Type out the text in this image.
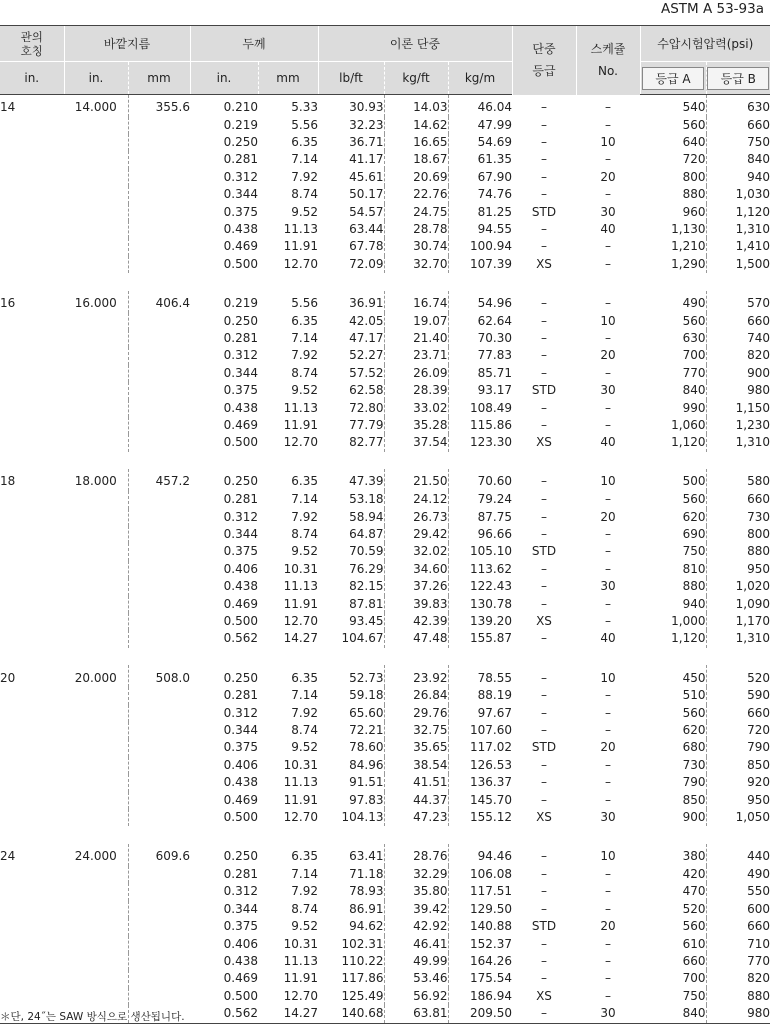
ASTM A 53-93a
관의 호칭	바깥지름		두께		이론 단중			단중 등급	스케쥴 No.	수압시험압력(psi)	
in.	in.	mm	in.	mm	lb/ft	kg/ft	kg/m			등급 A	등급 B
14	14.000	355.6	0.210	5.33	30.93	14.03	46.04	–	–	540	630
			0.219	5.56	32.23	14.62	47.99	–	–	560	660
			0.250	6.35	36.71	16.65	54.69	–	10	640	750
			0.281	7.14	41.17	18.67	61.35	–	–	720	840
			0.312	7.92	45.61	20.69	67.90	–	20	800	940
			0.344	8.74	50.17	22.76	74.76	–	–	880	1,030
			0.375	9.52	54.57	24.75	81.25	STD	30	960	1,120
			0.438	11.13	63.44	28.78	94.55	–	40	1,130	1,310
			0.469	11.91	67.78	30.74	100.94	–	–	1,210	1,410
			0.500	12.70	72.09	32.70	107.39	XS	–	1,290	1,500

16	16.000	406.4	0.219	5.56	36.91	16.74	54.96	–	–	490	570
			0.250	6.35	42.05	19.07	62.64	–	10	560	660
			0.281	7.14	47.17	21.40	70.30	–	–	630	740
			0.312	7.92	52.27	23.71	77.83	–	20	700	820
			0.344	8.74	57.52	26.09	85.71	–	–	770	900
			0.375	9.52	62.58	28.39	93.17	STD	30	840	980
			0.438	11.13	72.80	33.02	108.49	–	–	990	1,150
			0.469	11.91	77.79	35.28	115.86	–	–	1,060	1,230
			0.500	12.70	82.77	37.54	123.30	XS	40	1,120	1,310

18	18.000	457.2	0.250	6.35	47.39	21.50	70.60	–	10	500	580
			0.281	7.14	53.18	24.12	79.24	–	–	560	660
			0.312	7.92	58.94	26.73	87.75	–	20	620	730
			0.344	8.74	64.87	29.42	96.66	–	–	690	800
			0.375	9.52	70.59	32.02	105.10	STD	–	750	880
			0.406	10.31	76.29	34.60	113.62	–	–	810	950
			0.438	11.13	82.15	37.26	122.43	–	30	880	1,020
			0.469	11.91	87.81	39.83	130.78	–	–	940	1,090
			0.500	12.70	93.45	42.39	139.20	XS	–	1,000	1,170
			0.562	14.27	104.67	47.48	155.87	–	40	1,120	1,310

20	20.000	508.0	0.250	6.35	52.73	23.92	78.55	–	10	450	520
			0.281	7.14	59.18	26.84	88.19	–	–	510	590
			0.312	7.92	65.60	29.76	97.67	–	–	560	660
			0.344	8.74	72.21	32.75	107.60	–	–	620	720
			0.375	9.52	78.60	35.65	117.02	STD	20	680	790
			0.406	10.31	84.96	38.54	126.53	–	–	730	850
			0.438	11.13	91.51	41.51	136.37	–	–	790	920
			0.469	11.91	97.83	44.37	145.70	–	–	850	950
			0.500	12.70	104.13	47.23	155.12	XS	30	900	1,050

24	24.000	609.6	0.250	6.35	63.41	28.76	94.46	–	10	380	440
			0.281	7.14	71.18	32.29	106.08	–	–	420	490
			0.312	7.92	78.93	35.80	117.51	–	–	470	550
			0.344	8.74	86.91	39.42	129.50	–	–	520	600
			0.375	9.52	94.62	42.92	140.88	STD	20	560	660
			0.406	10.31	102.31	46.41	152.37	–	–	610	710
			0.438	11.13	110.22	49.99	164.26	–	–	660	770
			0.469	11.91	117.86	53.46	175.54	–	–	700	820
			0.500	12.70	125.49	56.92	186.94	XS	–	750	880
			0.562	14.27	140.68	63.81	209.50	–	30	840	980
＊단, 24˝는 SAW 방식으로 생산됩니다.
